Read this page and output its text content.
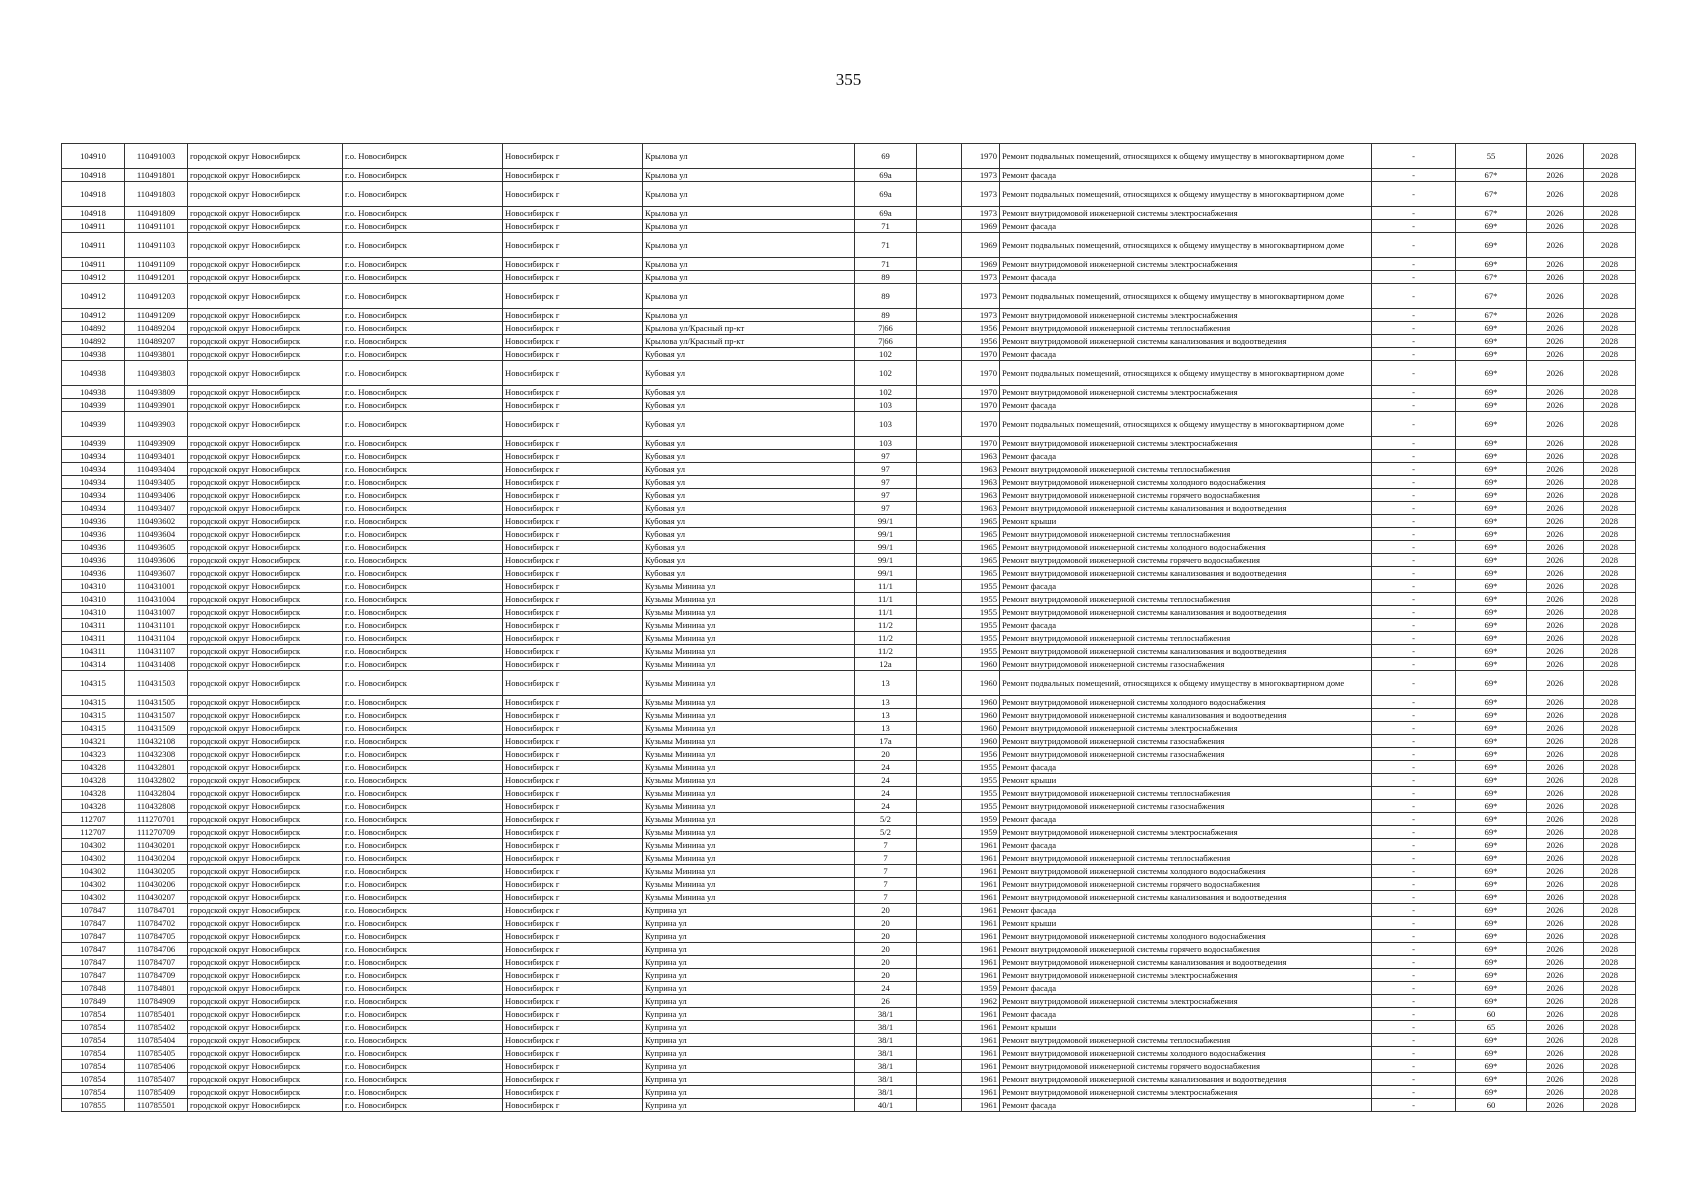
355
104910	110491003	городской округ Новосибирск	г.о. Новосибирск	Новосибирск г	Крылова ул	69		1970	Ремонт подвальных помещений, относящихся к общему имуществу в многоквартирном доме	-	55	2026	2028
104918	110491801	городской округ Новосибирск	г.о. Новосибирск	Новосибирск г	Крылова ул	69а		1973	Ремонт фасада	-	67*	2026	2028
104918	110491803	городской округ Новосибирск	г.о. Новосибирск	Новосибирск г	Крылова ул	69а		1973	Ремонт подвальных помещений, относящихся к общему имуществу в многоквартирном доме	-	67*	2026	2028
104918	110491809	городской округ Новосибирск	г.о. Новосибирск	Новосибирск г	Крылова ул	69а		1973	Ремонт внутридомовой инженерной системы электроснабжения	-	67*	2026	2028
104911	110491101	городской округ Новосибирск	г.о. Новосибирск	Новосибирск г	Крылова ул	71		1969	Ремонт фасада	-	69*	2026	2028
104911	110491103	городской округ Новосибирск	г.о. Новосибирск	Новосибирск г	Крылова ул	71		1969	Ремонт подвальных помещений, относящихся к общему имуществу в многоквартирном доме	-	69*	2026	2028
104911	110491109	городской округ Новосибирск	г.о. Новосибирск	Новосибирск г	Крылова ул	71		1969	Ремонт внутридомовой инженерной системы электроснабжения	-	69*	2026	2028
104912	110491201	городской округ Новосибирск	г.о. Новосибирск	Новосибирск г	Крылова ул	89		1973	Ремонт фасада	-	67*	2026	2028
104912	110491203	городской округ Новосибирск	г.о. Новосибирск	Новосибирск г	Крылова ул	89		1973	Ремонт подвальных помещений, относящихся к общему имуществу в многоквартирном доме	-	67*	2026	2028
104912	110491209	городской округ Новосибирск	г.о. Новосибирск	Новосибирск г	Крылова ул	89		1973	Ремонт внутридомовой инженерной системы электроснабжения	-	67*	2026	2028
104892	110489204	городской округ Новосибирск	г.о. Новосибирск	Новосибирск г	Крылова ул/Красный пр-кт	7|66		1956	Ремонт внутридомовой инженерной системы теплоснабжения	-	69*	2026	2028
104892	110489207	городской округ Новосибирск	г.о. Новосибирск	Новосибирск г	Крылова ул/Красный пр-кт	7|66		1956	Ремонт внутридомовой инженерной системы канализования и водоотведения	-	69*	2026	2028
104938	110493801	городской округ Новосибирск	г.о. Новосибирск	Новосибирск г	Кубовая ул	102		1970	Ремонт фасада	-	69*	2026	2028
104938	110493803	городской округ Новосибирск	г.о. Новосибирск	Новосибирск г	Кубовая ул	102		1970	Ремонт подвальных помещений, относящихся к общему имуществу в многоквартирном доме	-	69*	2026	2028
104938	110493809	городской округ Новосибирск	г.о. Новосибирск	Новосибирск г	Кубовая ул	102		1970	Ремонт внутридомовой инженерной системы электроснабжения	-	69*	2026	2028
104939	110493901	городской округ Новосибирск	г.о. Новосибирск	Новосибирск г	Кубовая ул	103		1970	Ремонт фасада	-	69*	2026	2028
104939	110493903	городской округ Новосибирск	г.о. Новосибирск	Новосибирск г	Кубовая ул	103		1970	Ремонт подвальных помещений, относящихся к общему имуществу в многоквартирном доме	-	69*	2026	2028
104939	110493909	городской округ Новосибирск	г.о. Новосибирск	Новосибирск г	Кубовая ул	103		1970	Ремонт внутридомовой инженерной системы электроснабжения	-	69*	2026	2028
104934	110493401	городской округ Новосибирск	г.о. Новосибирск	Новосибирск г	Кубовая ул	97		1963	Ремонт фасада	-	69*	2026	2028
104934	110493404	городской округ Новосибирск	г.о. Новосибирск	Новосибирск г	Кубовая ул	97		1963	Ремонт внутридомовой инженерной системы теплоснабжения	-	69*	2026	2028
104934	110493405	городской округ Новосибирск	г.о. Новосибирск	Новосибирск г	Кубовая ул	97		1963	Ремонт внутридомовой инженерной системы холодного водоснабжения	-	69*	2026	2028
104934	110493406	городской округ Новосибирск	г.о. Новосибирск	Новосибирск г	Кубовая ул	97		1963	Ремонт внутридомовой инженерной системы горячего водоснабжения	-	69*	2026	2028
104934	110493407	городской округ Новосибирск	г.о. Новосибирск	Новосибирск г	Кубовая ул	97		1963	Ремонт внутридомовой инженерной системы канализования и водоотведения	-	69*	2026	2028
104936	110493602	городской округ Новосибирск	г.о. Новосибирск	Новосибирск г	Кубовая ул	99/1		1965	Ремонт крыши	-	69*	2026	2028
104936	110493604	городской округ Новосибирск	г.о. Новосибирск	Новосибирск г	Кубовая ул	99/1		1965	Ремонт внутридомовой инженерной системы теплоснабжения	-	69*	2026	2028
104936	110493605	городской округ Новосибирск	г.о. Новосибирск	Новосибирск г	Кубовая ул	99/1		1965	Ремонт внутридомовой инженерной системы холодного водоснабжения	-	69*	2026	2028
104936	110493606	городской округ Новосибирск	г.о. Новосибирск	Новосибирск г	Кубовая ул	99/1		1965	Ремонт внутридомовой инженерной системы горячего водоснабжения	-	69*	2026	2028
104936	110493607	городской округ Новосибирск	г.о. Новосибирск	Новосибирск г	Кубовая ул	99/1		1965	Ремонт внутридомовой инженерной системы канализования и водоотведения	-	69*	2026	2028
104310	110431001	городской округ Новосибирск	г.о. Новосибирск	Новосибирск г	Кузьмы Минина ул	11/1		1955	Ремонт фасада	-	69*	2026	2028
104310	110431004	городской округ Новосибирск	г.о. Новосибирск	Новосибирск г	Кузьмы Минина ул	11/1		1955	Ремонт внутридомовой инженерной системы теплоснабжения	-	69*	2026	2028
104310	110431007	городской округ Новосибирск	г.о. Новосибирск	Новосибирск г	Кузьмы Минина ул	11/1		1955	Ремонт внутридомовой инженерной системы канализования и водоотведения	-	69*	2026	2028
104311	110431101	городской округ Новосибирск	г.о. Новосибирск	Новосибирск г	Кузьмы Минина ул	11/2		1955	Ремонт фасада	-	69*	2026	2028
104311	110431104	городской округ Новосибирск	г.о. Новосибирск	Новосибирск г	Кузьмы Минина ул	11/2		1955	Ремонт внутридомовой инженерной системы теплоснабжения	-	69*	2026	2028
104311	110431107	городской округ Новосибирск	г.о. Новосибирск	Новосибирск г	Кузьмы Минина ул	11/2		1955	Ремонт внутридомовой инженерной системы канализования и водоотведения	-	69*	2026	2028
104314	110431408	городской округ Новосибирск	г.о. Новосибирск	Новосибирск г	Кузьмы Минина ул	12а		1960	Ремонт внутридомовой инженерной системы газоснабжения	-	69*	2026	2028
104315	110431503	городской округ Новосибирск	г.о. Новосибирск	Новосибирск г	Кузьмы Минина ул	13		1960	Ремонт подвальных помещений, относящихся к общему имуществу в многоквартирном доме	-	69*	2026	2028
104315	110431505	городской округ Новосибирск	г.о. Новосибирск	Новосибирск г	Кузьмы Минина ул	13		1960	Ремонт внутридомовой инженерной системы холодного водоснабжения	-	69*	2026	2028
104315	110431507	городской округ Новосибирск	г.о. Новосибирск	Новосибирск г	Кузьмы Минина ул	13		1960	Ремонт внутридомовой инженерной системы канализования и водоотведения	-	69*	2026	2028
104315	110431509	городской округ Новосибирск	г.о. Новосибирск	Новосибирск г	Кузьмы Минина ул	13		1960	Ремонт внутридомовой инженерной системы электроснабжения	-	69*	2026	2028
104321	110432108	городской округ Новосибирск	г.о. Новосибирск	Новосибирск г	Кузьмы Минина ул	17а		1960	Ремонт внутридомовой инженерной системы газоснабжения	-	69*	2026	2028
104323	110432308	городской округ Новосибирск	г.о. Новосибирск	Новосибирск г	Кузьмы Минина ул	20		1956	Ремонт внутридомовой инженерной системы газоснабжения	-	69*	2026	2028
104328	110432801	городской округ Новосибирск	г.о. Новосибирск	Новосибирск г	Кузьмы Минина ул	24		1955	Ремонт фасада	-	69*	2026	2028
104328	110432802	городской округ Новосибирск	г.о. Новосибирск	Новосибирск г	Кузьмы Минина ул	24		1955	Ремонт крыши	-	69*	2026	2028
104328	110432804	городской округ Новосибирск	г.о. Новосибирск	Новосибирск г	Кузьмы Минина ул	24		1955	Ремонт внутридомовой инженерной системы теплоснабжения	-	69*	2026	2028
104328	110432808	городской округ Новосибирск	г.о. Новосибирск	Новосибирск г	Кузьмы Минина ул	24		1955	Ремонт внутридомовой инженерной системы газоснабжения	-	69*	2026	2028
112707	111270701	городской округ Новосибирск	г.о. Новосибирск	Новосибирск г	Кузьмы Минина ул	5/2		1959	Ремонт фасада	-	69*	2026	2028
112707	111270709	городской округ Новосибирск	г.о. Новосибирск	Новосибирск г	Кузьмы Минина ул	5/2		1959	Ремонт внутридомовой инженерной системы электроснабжения	-	69*	2026	2028
104302	110430201	городской округ Новосибирск	г.о. Новосибирск	Новосибирск г	Кузьмы Минина ул	7		1961	Ремонт фасада	-	69*	2026	2028
104302	110430204	городской округ Новосибирск	г.о. Новосибирск	Новосибирск г	Кузьмы Минина ул	7		1961	Ремонт внутридомовой инженерной системы теплоснабжения	-	69*	2026	2028
104302	110430205	городской округ Новосибирск	г.о. Новосибирск	Новосибирск г	Кузьмы Минина ул	7		1961	Ремонт внутридомовой инженерной системы холодного водоснабжения	-	69*	2026	2028
104302	110430206	городской округ Новосибирск	г.о. Новосибирск	Новосибирск г	Кузьмы Минина ул	7		1961	Ремонт внутридомовой инженерной системы горячего водоснабжения	-	69*	2026	2028
104302	110430207	городской округ Новосибирск	г.о. Новосибирск	Новосибирск г	Кузьмы Минина ул	7		1961	Ремонт внутридомовой инженерной системы канализования и водоотведения	-	69*	2026	2028
107847	110784701	городской округ Новосибирск	г.о. Новосибирск	Новосибирск г	Куприна ул	20		1961	Ремонт фасада	-	69*	2026	2028
107847	110784702	городской округ Новосибирск	г.о. Новосибирск	Новосибирск г	Куприна ул	20		1961	Ремонт крыши	-	69*	2026	2028
107847	110784705	городской округ Новосибирск	г.о. Новосибирск	Новосибирск г	Куприна ул	20		1961	Ремонт внутридомовой инженерной системы холодного водоснабжения	-	69*	2026	2028
107847	110784706	городской округ Новосибирск	г.о. Новосибирск	Новосибирск г	Куприна ул	20		1961	Ремонт внутридомовой инженерной системы горячего водоснабжения	-	69*	2026	2028
107847	110784707	городской округ Новосибирск	г.о. Новосибирск	Новосибирск г	Куприна ул	20		1961	Ремонт внутридомовой инженерной системы канализования и водоотведения	-	69*	2026	2028
107847	110784709	городской округ Новосибирск	г.о. Новосибирск	Новосибирск г	Куприна ул	20		1961	Ремонт внутридомовой инженерной системы электроснабжения	-	69*	2026	2028
107848	110784801	городской округ Новосибирск	г.о. Новосибирск	Новосибирск г	Куприна ул	24		1959	Ремонт фасада	-	69*	2026	2028
107849	110784909	городской округ Новосибирск	г.о. Новосибирск	Новосибирск г	Куприна ул	26		1962	Ремонт внутридомовой инженерной системы электроснабжения	-	69*	2026	2028
107854	110785401	городской округ Новосибирск	г.о. Новосибирск	Новосибирск г	Куприна ул	38/1		1961	Ремонт фасада	-	60	2026	2028
107854	110785402	городской округ Новосибирск	г.о. Новосибирск	Новосибирск г	Куприна ул	38/1		1961	Ремонт крыши	-	65	2026	2028
107854	110785404	городской округ Новосибирск	г.о. Новосибирск	Новосибирск г	Куприна ул	38/1		1961	Ремонт внутридомовой инженерной системы теплоснабжения	-	69*	2026	2028
107854	110785405	городской округ Новосибирск	г.о. Новосибирск	Новосибирск г	Куприна ул	38/1		1961	Ремонт внутридомовой инженерной системы холодного водоснабжения	-	69*	2026	2028
107854	110785406	городской округ Новосибирск	г.о. Новосибирск	Новосибирск г	Куприна ул	38/1		1961	Ремонт внутридомовой инженерной системы горячего водоснабжения	-	69*	2026	2028
107854	110785407	городской округ Новосибирск	г.о. Новосибирск	Новосибирск г	Куприна ул	38/1		1961	Ремонт внутридомовой инженерной системы канализования и водоотведения	-	69*	2026	2028
107854	110785409	городской округ Новосибирск	г.о. Новосибирск	Новосибирск г	Куприна ул	38/1		1961	Ремонт внутридомовой инженерной системы электроснабжения	-	69*	2026	2028
107855	110785501	городской округ Новосибирск	г.о. Новосибирск	Новосибирск г	Куприна ул	40/1		1961	Ремонт фасада	-	60	2026	2028
